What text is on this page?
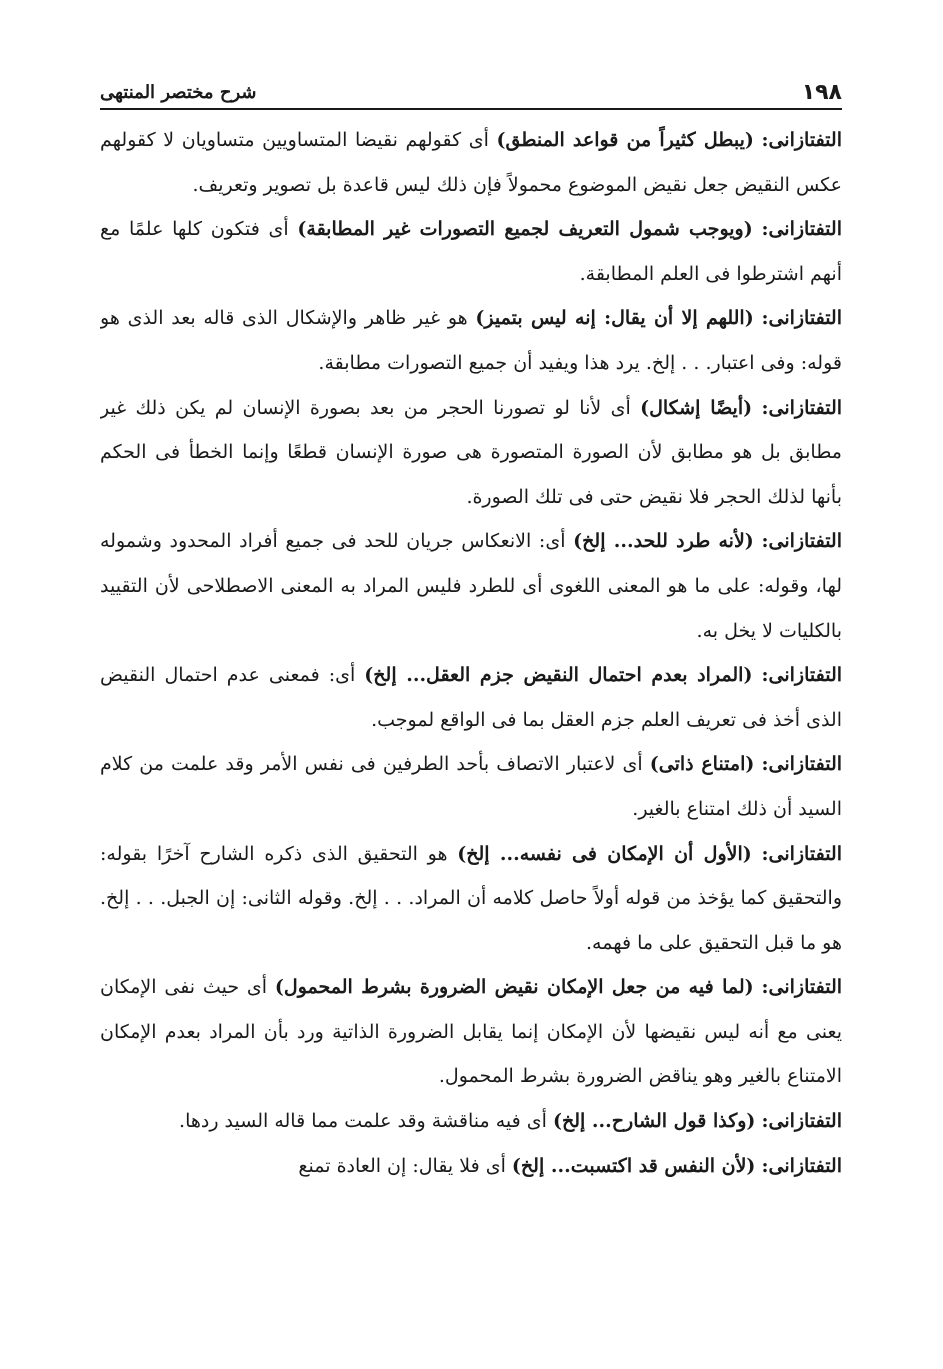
١٩٨
شرح مختصر المنتهى

التفتازانى: (يبطل كثيراً من قواعد المنطق) أى كقولهم نقيضا المتساويين متساويان لا كقولهم عكس النقيض جعل نقيض الموضوع محمولاً فإن ذلك ليس قاعدة بل تصوير وتعريف.

التفتازانى: (ويوجب شمول التعريف لجميع التصورات غير المطابقة) أى فتكون كلها علمًا مع أنهم اشترطوا فى العلم المطابقة.

التفتازانى: (اللهم إلا أن يقال: إنه ليس بتميز) هو غير ظاهر والإشكال الذى قاله بعد الذى هو قوله: وفى اعتبار. . . إلخ. يرد هذا ويفيد أن جميع التصورات مطابقة.

التفتازانى: (أيضًا إشكال) أى لأنا لو تصورنا الحجر من بعد بصورة الإنسان لم يكن ذلك غير مطابق بل هو مطابق لأن الصورة المتصورة هى صورة الإنسان قطعًا وإنما الخطأ فى الحكم بأنها لذلك الحجر فلا نقيض حتى فى تلك الصورة.

التفتازانى: (لأنه طرد للحد... إلخ) أى: الانعكاس جريان للحد فى جميع أفراد المحدود وشموله لها، وقوله: على ما هو المعنى اللغوى أى للطرد فليس المراد به المعنى الاصطلاحى لأن التقييد بالكليات لا يخل به.

التفتازانى: (المراد بعدم احتمال النقيض جزم العقل... إلخ) أى: فمعنى عدم احتمال النقيض الذى أخذ فى تعريف العلم جزم العقل بما فى الواقع لموجب.

التفتازانى: (امتناع ذاتى) أى لاعتبار الاتصاف بأحد الطرفين فى نفس الأمر وقد علمت من كلام السيد أن ذلك امتناع بالغير.

التفتازانى: (الأول أن الإمكان فى نفسه... إلخ) هو التحقيق الذى ذكره الشارح آخرًا بقوله: والتحقيق كما يؤخذ من قوله أولاً حاصل كلامه أن المراد. . . إلخ. وقوله الثانى: إن الجبل. . . إلخ. هو ما قبل التحقيق على ما فهمه.

التفتازانى: (لما فيه من جعل الإمكان نقيض الضرورة بشرط المحمول) أى حيث نفى الإمكان يعنى مع أنه ليس نقيضها لأن الإمكان إنما يقابل الضرورة الذاتية ورد بأن المراد بعدم الإمكان الامتناع بالغير وهو يناقض الضرورة بشرط المحمول.

التفتازانى: (وكذا قول الشارح... إلخ) أى فيه مناقشة وقد علمت مما قاله السيد ردها.

التفتازانى: (لأن النفس قد اكتسبت... إلخ) أى فلا يقال: إن العادة تمنع
